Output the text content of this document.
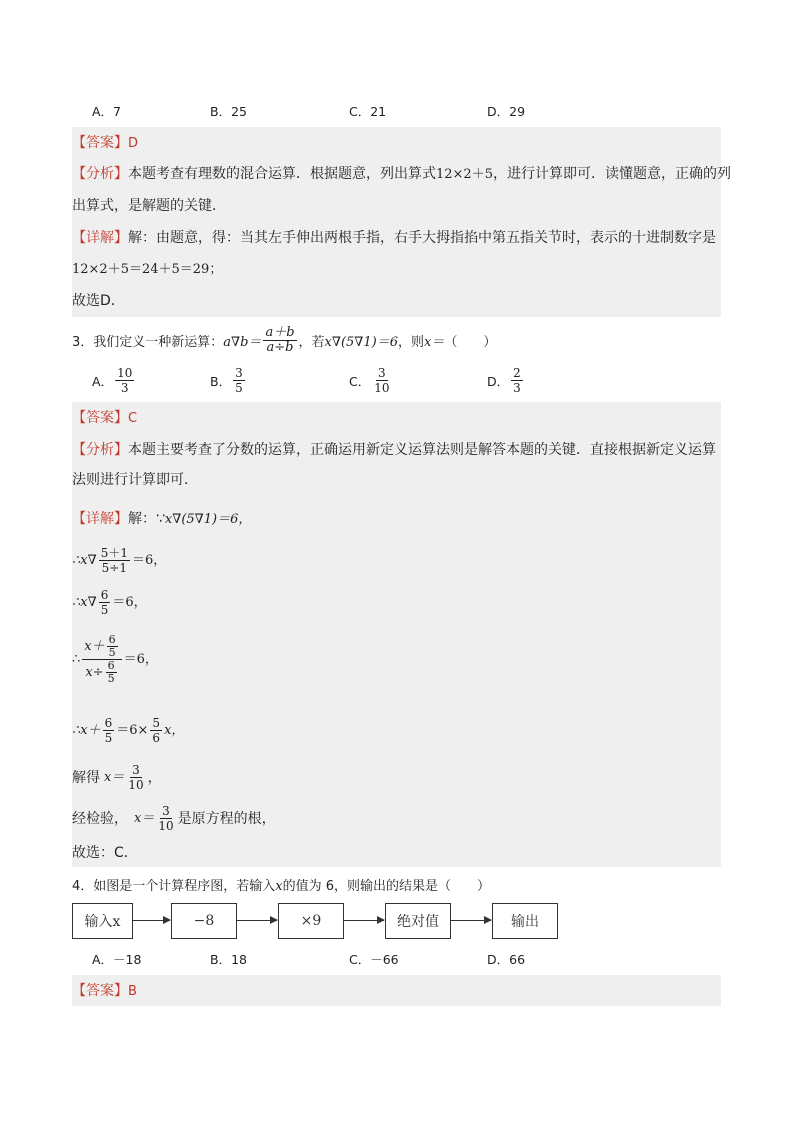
A．7	B．25	C．21	D．29
【答案】D
【分析】本题考查有理数的混合运算．根据题意，列出算式12×2＋5，进行计算即可．读懂题意，正确的列
出算式，是解题的关键．
【详解】解：由题意，得：当其左手伸出两根手指，右手大拇指掐中第五指关节时，表示的十进制数字是
12×2＋5＝24＋5＝29；
故选D．
3．我们定义一种新运算： $a\nabla b= \frac{a+b}{a\div b}$ ，若 x∇(5∇1)＝6 ，则 x＝ （　　）
A． $\frac{10}{3}$	B． $\frac{3}{5}$	C． $\frac{3}{10}$	D． $\frac{2}{3}$
【答案】C
【分析】本题主要考查了分数的运算，正确运用新定义运算法则是解答本题的关键．直接根据新定义运算
法则进行计算即可．
【详解】解：∵x∇(5∇1)＝6，
∴x∇ $\frac{5+1}{5\div 1} =6$，
∴x∇ $\frac{6}{5} =6$，
∴ $\frac{x+ \frac{6}{5}}{x\div \frac{6}{5}} =6$，
∴x＋ $\frac{6}{5} =6\times \frac{5}{6}$ x，
解得 $x= \frac{3}{10}$ ，
经检验， $x= \frac{3}{10}$ 是原方程的根，
故选：C．
4．如图是一个计算程序图，若输入x的值为 6，则输出的结果是（　　）
输入x	−8	×9	绝对值	输出
A．－18	B．18	C．－66	D．66
【答案】B
